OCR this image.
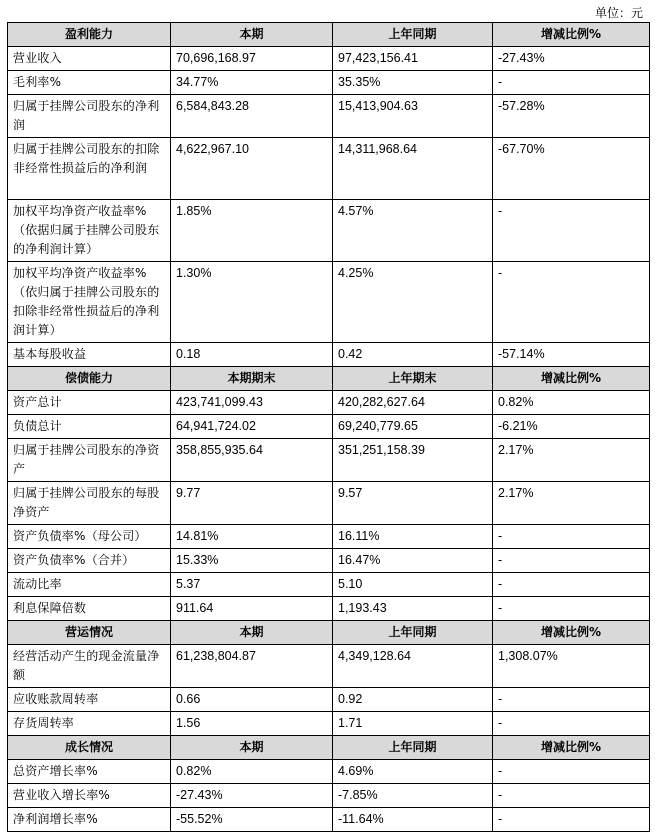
单位：元
盈利能力	本期	上年同期	增减比例%
营业收入	70,696,168.97	97,423,156.41	-27.43%
毛利率%	34.77%	35.35%	-
归属于挂牌公司股东的净利润	6,584,843.28	15,413,904.63	-57.28%
归属于挂牌公司股东的扣除非经常性损益后的净利润	4,622,967.10	14,311,968.64	-67.70%
加权平均净资产收益率%（依据归属于挂牌公司股东的净利润计算）	1.85%	4.57%	-
加权平均净资产收益率%（依归属于挂牌公司股东的扣除非经常性损益后的净利润计算）	1.30%	4.25%	-
基本每股收益	0.18	0.42	-57.14%
偿债能力	本期期末	上年期末	增减比例%
资产总计	423,741,099.43	420,282,627.64	0.82%
负债总计	64,941,724.02	69,240,779.65	-6.21%
归属于挂牌公司股东的净资产	358,855,935.64	351,251,158.39	2.17%
归属于挂牌公司股东的每股净资产	9.77	9.57	2.17%
资产负债率%（母公司）	14.81%	16.11%	-
资产负债率%（合并）	15.33%	16.47%	-
流动比率	5.37	5.10	-
利息保障倍数	911.64	1,193.43	-
营运情况	本期	上年同期	增减比例%
经营活动产生的现金流量净额	61,238,804.87	4,349,128.64	1,308.07%
应收账款周转率	0.66	0.92	-
存货周转率	1.56	1.71	-
成长情况	本期	上年同期	增减比例%
总资产增长率%	0.82%	4.69%	-
营业收入增长率%	-27.43%	-7.85%	-
净利润增长率%	-55.52%	-11.64%	-
